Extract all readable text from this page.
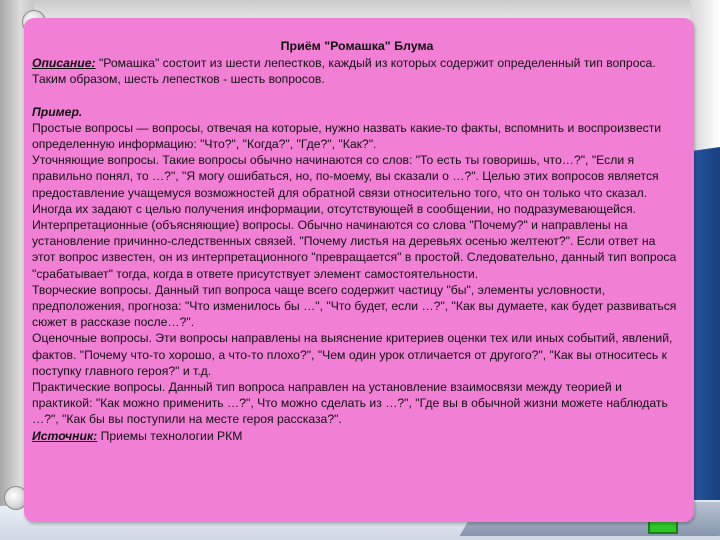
Приём "Ромашка" Блума

Описание: "Ромашка" состоит из шести лепестков, каждый из которых содержит определенный тип вопроса. Таким образом, шесть лепестков - шесть вопросов.

Пример.

Простые вопросы — вопросы, отвечая на которые, нужно назвать какие-то факты, вспомнить и воспроизвести определенную информацию: "Что?", "Когда?", "Где?", "Как?".

Уточняющие вопросы. Такие вопросы обычно начинаются со слов: "То есть ты говоришь, что…?", "Если я правильно понял, то …?", "Я могу ошибаться, но, по-моему, вы сказали о …?". Целью этих вопросов является предоставление учащемуся возможностей для обратной связи относительно того, что он только что сказал. Иногда их задают с целью получения информации, отсутствующей в сообщении, но подразумевающейся.

Интерпретационные (объясняющие) вопросы. Обычно начинаются со слова "Почему?" и направлены на установление причинно-следственных связей. "Почему листья на деревьях осенью желтеют?". Если ответ на этот вопрос известен, он из интерпретационного "превращается" в простой. Следовательно, данный тип вопроса "срабатывает" тогда, когда в ответе присутствует элемент самостоятельности.

Творческие вопросы. Данный тип вопроса чаще всего содержит частицу "бы", элементы условности, предположения, прогноза: "Что изменилось бы …", "Что будет, если …?", "Как вы думаете, как будет развиваться сюжет в рассказе после…?".

Оценочные вопросы. Эти вопросы направлены на выяснение критериев оценки тех или иных событий, явлений, фактов. "Почему что-то хорошо, а что-то плохо?", "Чем один урок отличается от другого?", "Как вы относитесь к поступку главного героя?" и т.д.

Практические вопросы. Данный тип вопроса направлен на установление взаимосвязи между теорией и практикой: "Как можно применить …?", Что можно сделать из …?", "Где вы в обычной жизни можете наблюдать …?", "Как бы вы поступили на месте героя рассказа?".

Источник: Приемы технологии РКМ
